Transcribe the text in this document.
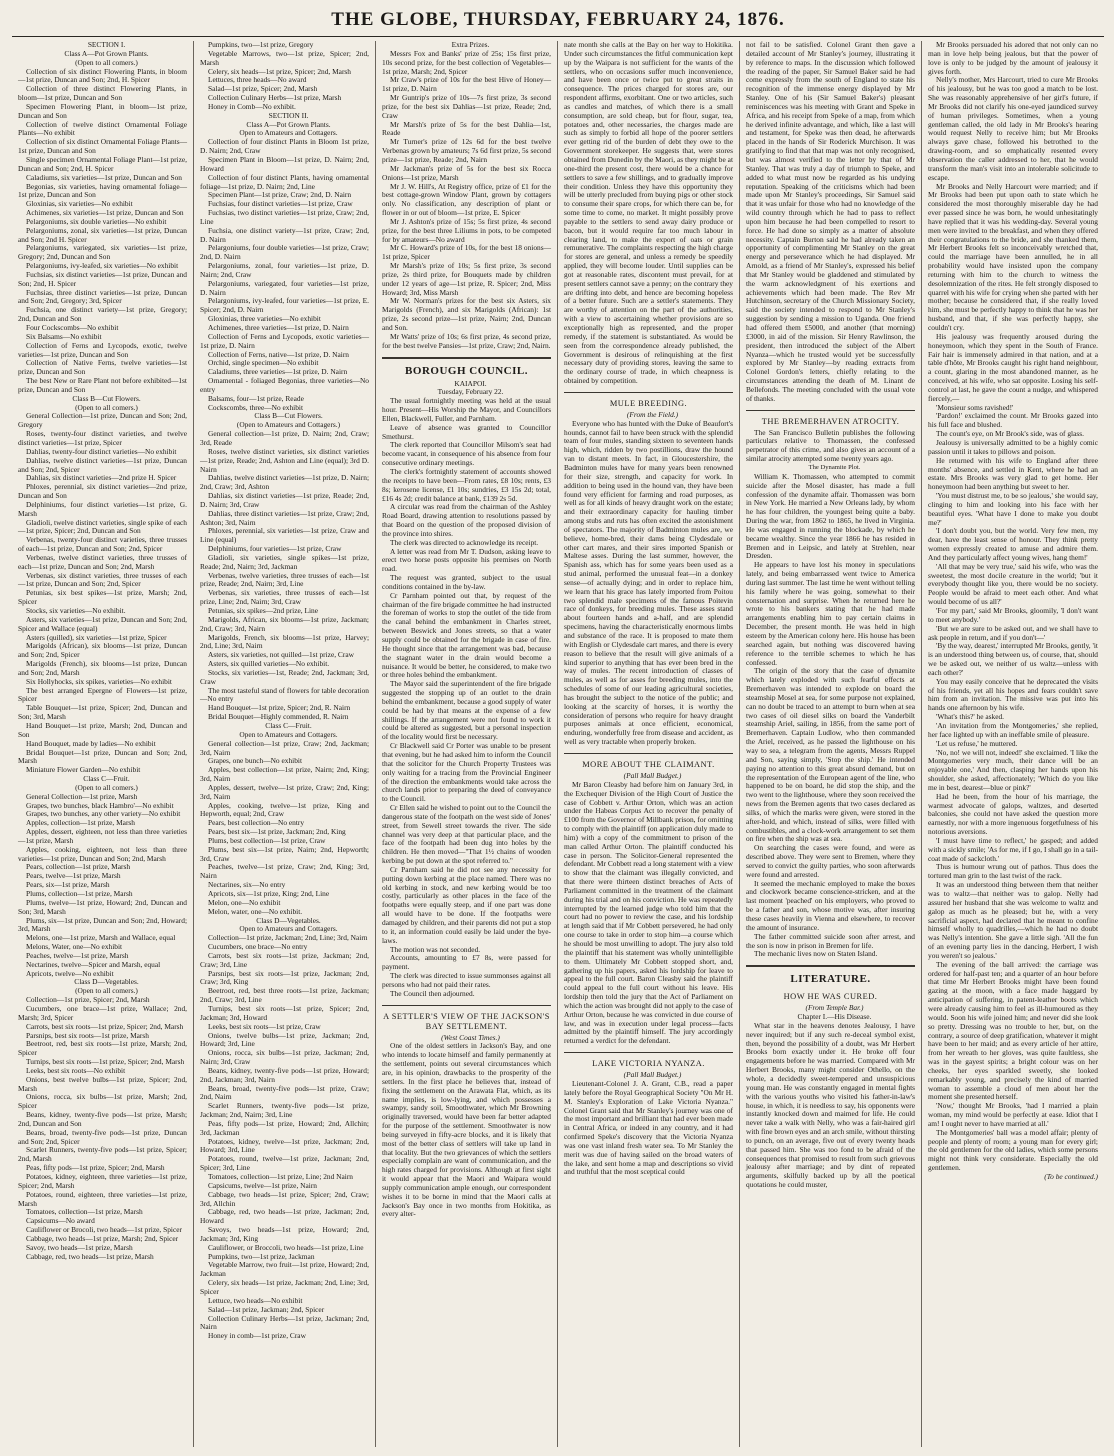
THE GLOBE, THURSDAY, FEBRUARY 24, 1876.

SECTION I.

Class A—Pot Grown Plants.

(Open to all comers.)

Collection of six distinct Flowering Plants, in bloom—1st prize, Duncan and Son; 2nd, H. Spicer

Collection of three distinct Flowering Plants, in bloom—1st prize, Duncan and Son

Specimen Flowering Plant, in bloom—1st prize, Duncan and Son

Collection of twelve distinct Ornamental Foliage Plants—No exhibit

Collection of six distinct Ornamental Foliage Plants—1st prize, Duncan and Son

Single specimen Ornamental Foliage Plant—1st prize, Duncan and Son; 2nd, H. Spicer

Caladiums, six varieties—1st prize, Duncan and Son

Begonias, six varieties, having ornamental foliage—1st prize, Duncan and Son

Gloxinias, six varieties—No exhibit

Achimenes, six varieties—1st prize, Duncan and Son

Pelargoniums, six double varieties—No exhibit

Pelargoniums, zonal, six varieties—1st prize, Duncan and Son; 2nd H. Spicer

Pelargoniums, variegated, six varieties—1st prize, Gregory; 2nd, Duncan and Son

Pelargoniums, ivy-leafed, six varieties—No exhibit

Fuchsias, six distinct varieties—1st prize, Duncan and Son; 2nd, H. Spicer

Fuchsias, three distinct varieties—1st prize, Duncan and Son; 2nd, Gregory; 3rd, Spicer

Fuchsia, one distinct variety—1st prize, Gregory; 2nd, Duncan and Son

Four Cockscombs—No exhibit

Six Balsams—No exhibit

Collection of Ferns and Lycopods, exotic, twelve varieties—1st prize, Duncan and Son

Collection of Native Ferns, twelve varieties—1st prize, Duncan and Son

The best New or Rare Plant not before exhibited—1st prize, Duncan and Son

Class B—Cut Flowers.

(Open to all comers.)

General Collection—1st prize, Duncan and Son; 2nd, Gregory

Roses, twenty-four distinct varieties, and twelve distinct varieties—1st prize, Spicer

Dahlias, twenty-four distinct varieties—No exhibit

Dahlias, twelve distinct varieties—1st prize, Duncan and Son; 2nd, Spicer

Dahlias, six distinct varieties—2nd prize H. Spicer

Phloxes, perennial, six distinct varieties—2nd prize, Duncan and Son

Delphiniums, four distinct varieties—1st prize, G. Marsh

Gladioli, twelve distinct varieties, single spike of each—1st prize, Spicer; 2nd, Duncan and Son

Verbenas, twenty-four distinct varieties, three trusses of each—1st prize, Duncan and Son; 2nd, Spicer

Verbenas, twelve distinct varieties, three trusses of each—1st prize, Duncan and Son; 2nd, Marsh

Verbenas, six distinct varieties, three trusses of each—1st prize, Duncan and Son; 2nd, Spicer

Petunias, six best spikes—1st prize, Marsh; 2nd, Spicer

Stocks, six varieties—No exhibit.

Asters, six varieties—1st prize, Duncan and Son; 2nd, Spicer and Wallace (equal)

Asters (quilled), six varieties—1st prize, Spicer

Marigolds (African), six blooms—1st prize, Duncan and Son; 2nd, Spicer

Marigolds (French), six blooms—1st prize, Duncan and Son; 2nd, Marsh

Six Hollyhocks, six spikes, varieties—No exhibit

The best arranged Epergne of Flowers—1st prize, Spicer

Table Bouquet—1st prize, Spicer; 2nd, Duncan and Son; 3rd, Marsh

Hand Bouquet—1st prize, Marsh; 2nd, Duncan and Son

Hand Bouquet, made by ladies—No exhibit

Bridal Bouquet—1st prize, Duncan and Son; 2nd, Marsh

Miniature Flower Garden—No exhibit

Class C—Fruit.

(Open to all comers.)

General Collection—1st prize, Marsh

Grapes, two bunches, black Hambro'—No exhibit

Grapes, two bunches, any other variety—No exhibit

Apples, collection—1st prize, Marsh

Apples, dessert, eighteen, not less than three varieties—1st prize, Marsh

Apples, cooking, eighteen, not less than three varieties—1st prize, Duncan and Son; 2nd, Marsh

Pears, collection—1st prize, Marsh

Pears, twelve—1st prize, Marsh

Pears, six—1st prize, Marsh

Plums, collection—1st prize, Marsh

Plums, twelve—1st prize, Howard; 2nd, Duncan and Son; 3rd, Marsh

Plums, six—1st prize, Duncan and Son; 2nd, Howard; 3rd, Marsh

Melons, one—1st prize, Marsh and Wallace, equal

Melons, Water, one—No exhibit

Peaches, twelve—1st prize, Marsh

Nectarines, twelve—Spicer and Marsh, equal

Apricots, twelve—No exhibit

Class D—Vegetables.

(Open to all comers.)

Collection—1st prize, Spicer; 2nd, Marsh

Cucumbers, one brace—1st prize, Wallace; 2nd, Marsh; 3rd, Spicer

Carrots, best six roots—1st prize, Spicer; 2nd, Marsh

Parsnips, best six roots—1st prize, Marsh

Beetroot, red, best six roots—1st prize, Marsh; 2nd, Spicer

Turnips, best six roots—1st prize, Spicer; 2nd, Marsh

Leeks, best six roots—No exhibit

Onions, best twelve bulbs—1st prize, Spicer; 2nd, Marsh

Onions, rocca, six bulbs—1st prize, Marsh; 2nd, Spicer

Beans, kidney, twenty-five pods—1st prize, Marsh; 2nd, Duncan and Son

Beans, broad, twenty-five pods—1st prize, Duncan and Son; 2nd, Spicer

Scarlet Runners, twenty-five pods—1st prize, Spicer; 2nd, Marsh

Peas, fifty pods—1st prize, Spicer; 2nd, Marsh

Potatoes, kidney, eighteen, three varieties—1st prize, Spicer; 2nd, Marsh

Potatoes, round, eighteen, three varieties—1st prize, Marsh

Tomatoes, collection—1st prize, Marsh

Capsicums—No award

Cauliflower or Brocoli, two heads—1st prize, Spicer

Cabbage, two heads—1st prize, Marsh; 2nd, Spicer

Savoy, two heads—1st prize, Marsh

Cabbage, red, two heads—1st prize, Marsh

Pumpkins, two—1st prize, Gregory

Vegetable Marrows, two—1st prize, Spicer; 2nd, Marsh

Celery, six heads—1st prize, Spicer; 2nd, Marsh

Lettuces, three heads—No award

Salad—1st prize, Spicer; 2nd, Marsh

Collection Culinary Herbs—1st prize, Marsh

Honey in Comb—No exhibit.

SECTION II.

Class A—Pot Grown Plants.

Open to Amateurs and Cottagers.

Collection of four distinct Plants in Bloom 1st prize, D. Nairn; 2nd, Craw

Specimen Plant in Bloom—1st prize, D. Nairn; 2nd, Howard

Collection of four distinct Plants, having ornamental foliage—1st prize, D. Nairn; 2nd, Line

Specimen Plant—1st prize, Craw; 2nd, D. Nairn

Fuchsias, four distinct varieties—1st prize, Craw

Fuchsias, two distinct varieties—1st prize, Craw; 2nd, Line

Fuchsia, one distinct variety—1st prize, Craw; 2nd, D. Nairn

Pelargoniums, four double varieties—1st prize, Craw; 2nd, D. Nairn

Pelargoniums, zonal, four varieties—1st prize, D. Nairn; 2nd, Craw

Pelargoniums, variegated, four varieties—1st prize, D. Nairn

Pelargoniums, ivy-leafed, four varieties—1st prize, E. Spicer; 2nd, D. Nairn

Gloxinias, three varieties—No exhibit

Achimenes, three varieties—1st prize, D. Nairn

Collection of Ferns and Lycopods, exotic varieties—1st prize, D. Nairn

Collection of Ferns, native—1st prize, D. Nairn

Orchid, single specimen—No exhibit

Caladiums, three varieties—1st prize, D. Nairn

Ornamental - foliaged Begonias, three varieties—No entry

Balsams, four—1st prize, Reade

Cockscombs, three—No exhibit

Class B—Cut Flowers.

(Open to Amateurs and Cottagers.)

General collection—1st prize, D. Nairn; 2nd, Craw; 3rd, Reade

Roses, twelve distinct varieties, six distinct varieties—1st prize, Reade; 2nd, Ashton and Line (equal); 3rd D. Nairn

Dahlias, twelve distinct varieties—1st prize, D. Nairn; 2nd, Craw; 3rd, Ashton

Dahlias, six distinct varieties—1st prize, Reade; 2nd, D. Nairn; 3rd, Craw

Dahlias, three distinct varieties—1st prize, Craw; 2nd, Ashton; 3rd, Nairn

Phloxes, perennial, six varieties—1st prize, Craw and Line (equal)

Delphiniums, four varieties—1st prize, Craw

Gladioli, six varieties, single spikes—1st prize, Reade; 2nd, Nairn; 3rd, Jackman

Verbenas, twelve varieties, three trusses of each—1st prize, Reade; 2nd, Nairn; 3rd, Line

Verbenas, six varieties, three trusses of each—1st prize, Line; 2nd, Nairn; 3rd, Craw

Petunias, six spikes—2nd prize, Line

Marigolds, African, six blooms—1st prize, Jackman; 2nd, Craw; 3rd, Nairn

Marigolds, French, six blooms—1st prize, Harvey; 2nd, Line; 3rd, Nairn

Asters, six varieties, not quilled—1st prize, Craw

Asters, six quilled varieties—No exhibit.

Stocks, six varieties—1st, Reade; 2nd, Jackman; 3rd, Craw

The most tasteful stand of flowers for table decoration—No entry

Hand Bouquet—1st prize, Spicer; 2nd, R. Nairn

Bridal Bouquet—Highly commended, R. Nairn

Class C—Fruit.

Open to Amateurs and Cottagers.

General collection—1st prize, Craw; 2nd, Jackman; 3rd, Nairn

Grapes, one bunch—No exhibit

Apples, best collection—1st prize, Nairn; 2nd, King; 3rd, Nairn

Apples, dessert, twelve—1st prize, Craw; 2nd, King; 3rd, Nairn

Apples, cooking, twelve—1st prize, King and Hepworth, equal; 2nd, Craw

Pears, best collection—No entry

Pears, best six—1st prize, Jackman; 2nd, King

Plums, best collection—1st prize, Craw

Plums, best six—1st prize, Nairn; 2nd, Hepworth; 3rd, Craw

Peaches, twelve—1st prize, Craw; 2nd, King; 3rd, Nairn

Nectarines, six—No entry

Apricots, six—1st prize, King; 2nd, Line

Melon, one—No exhibit

Melon, water, one—No exhibit.

Class D—Vegetables.

Open to Amateurs and Cottagers.

Collection—1st prize, Jackman; 2nd, Line; 3rd, Nairn

Cucumbers, one brace—No entry

Carrots, best six roots—1st prize, Jackman; 2nd, Craw; 3rd, Line

Parsnips, best six roots—1st prize, Jackman; 2nd, Craw; 3rd, King

Beetroot, red, best three roots—1st prize, Jackman; 2nd, Craw; 3rd, Line

Turnips, best six roots—1st prize, Spicer; 2nd, Jackman; 3rd, Howard

Leeks, best six roots—1st prize, Craw

Onions, twelve bulbs—1st prize, Jackman; 2nd, Howard; 3rd, Line

Onions, rocca, six bulbs—1st prize, Jackman; 2nd, Nairn; 3rd, Craw

Beans, kidney, twenty-five pods—1st prize, Howard; 2nd, Jackman; 3rd, Nairn

Beans, broad, twenty-five pods—1st prize, Craw; 2nd, Nairn

Scarlet Runners, twenty-five pods—1st prize, Jackman; 2nd, Nairn; 3rd, Line

Peas, fifty pods—1st prize, Howard; 2nd, Allchin; 3rd, Jackman

Potatoes, kidney, twelve—1st prize, Jackman; 2nd, Howard; 3rd, Line

Potatoes, round, twelve—1st prize, Jackman; 2nd, Spicer; 3rd, Line

Tomatoes, collection—1st prize, Line; 2nd Nairn

Capsicums, twelve—1st prize, Nairn

Cabbage, two heads—1st prize, Spicer; 2nd, Craw; 3rd, Allchin

Cabbage, red, two heads—1st prize, Jackman; 2nd, Howard

Savoys, two heads—1st prize, Howard; 2nd, Jackman; 3rd, King

Cauliflower, or Broccoli, two heads—1st prize, Line

Pumpkins, two—1st prize, Jackman

Vegetable Marrow, two fruit—1st prize, Howard; 2nd, Jackman

Celery, six heads—1st prize, Jackman; 2nd, Line; 3rd, Spicer

Lettuce, two heads—No exhibit

Salad—1st prize, Jackman; 2nd, Spicer

Collection Culinary Herbs—1st prize, Jackman; 2nd, Nairn

Honey in comb—1st prize, Craw

Extra Prizes.

Messrs Fox and Banks' prize of 25s; 15s first prize, 10s second prize, for the best collection of Vegetables—1st prize, Marsh; 2nd, Spicer

Mr Craw's prize of 10s for the best Hive of Honey—1st prize, D. Nairn

Mr Guntrip's prize of 10s—7s first prize, 3s second prize, for the best six Dahlias—1st prize, Reade; 2nd, Craw

Mr Marsh's prize of 5s for the best Dahlia—1st, Reade

Mr Turner's prize of 12s 6d for the best twelve Verbenas grown by amateurs; 7s 6d first prize, 5s second prize—1st prize, Reade; 2nd, Nairn

Mr Jackman's prize of 5s for the best six Rocca Onions—1st prize, Marsh

Mr J. W. Hill's, At Registry office, prize of £1 for the best cottage-grown Window Plant, grown by cottagers only. No classification, any description of plant or flower in or out of bloom—1st prize, E. Spicer

Mr J. Ashton's prize of 15s; 5s first prize, 4s second prize, for the best three Liliums in pots, to be competed for by amateurs—No award

Mr C. Howard's prize of 10s, for the best 18 onions—1st prize, Spicer

Mr Marsh's prize of 10s; 5s first prize, 3s second prize, 2s third prize, for Bouquets made by children under 12 years of age—1st prize, R. Spicer; 2nd, Miss Howard; 3rd, Miss Marsh

Mr W. Norman's prizes for the best six Asters, six Marigolds (French), and six Marigolds (African): 1st prize, 2s second prize—1st prize, Nairn; 2nd, Duncan and Son.

Mr Watts' prize of 10s; 6s first prize, 4s second prize, for the best twelve Pansies—1st prize, Craw; 2nd, Nairn.

BOROUGH COUNCIL.

KAIAPOI.

Tuesday, February 22.

The usual fortnightly meeting was held at the usual hour. Present—His Worship the Mayor, and Councillors Ellen, Blackwell, Fuller, and Parnham.

Leave of absence was granted to Councillor Smethurst.

The clerk reported that Councillor Milsom's seat had become vacant, in consequence of his absence from four consecutive ordinary meetings.

The clerk's fortnightly statement of accounts showed the receipts to have been—From rates, £8 10s; rents, £3 8s; kerosene license, £1 10s; sundries, £3 15s 2d; total, £16 4s 2d; credit balance at bank, £139 2s 5d.

A circular was read from the chairman of the Ashley Road Board, drawing attention to resolutions passed by that Board on the question of the proposed division of the province into shires.

The clerk was directed to acknowledge its receipt.

A letter was read from Mr T. Dudson, asking leave to erect two horse posts opposite his premises on North road.

The request was granted, subject to the usual conditions contained in the by-law.

Cr Parnham pointed out that, by request of the chairman of the fire brigade committee he had instructed the foreman of works to stop the outlet of the tide from the canal behind the embankment in Charles street, between Beswick and Jones streets, so that a water supply could be obtained for the brigade in case of fire. He thought since that the arrangement was bad, because the stagnant water in the drain would become a nuisance. It would be better, he considered, to make two or three holes behind the embankment.

The Mayor said the superintendent of the fire brigade suggested the stopping up of an outlet to the drain behind the embankment, because a good supply of water could be had by that means at the expense of a few shillings. If the arrangement were not found to work it could be altered as suggested, but a personal inspection of the locality would first be necessary.

Cr Blackwell said Cr Porter was unable to be present that evening, but he had asked him to inform the Council that the solicitor for the Church Property Trustees was only waiting for a tracing from the Provincial Engineer of the direction the embankments would take across the church lands prior to preparing the deed of conveyance to the Council.

Cr Ellen said he wished to point out to the Council the dangerous state of the footpath on the west side of Jones' street, from Sewell street towards the river. The side channel was very deep at that particular place, and the face of the footpath had been dug into holes by the children. He then moved—"That 1½ chains of wooden kerbing be put down at the spot referred to."

Cr Parnham said he did not see any necessity for putting down kerbing at the place named. There was no old kerbing in stock, and new kerbing would be too costly, particularly as other places in the face of the footpaths were equally steep, and if one part was done all would have to be done. If the footpaths were damaged by children, and their parents did not put a stop to it, an information could easily be laid under the bye-laws.

The motion was not seconded.

Accounts, amounting to £7 8s, were passed for payment.

The clerk was directed to issue summonses against all persons who had not paid their rates.

The Council then adjourned.

A SETTLER'S VIEW OF THE JACKSON'S BAY SETTLEMENT.

(West Coast Times.)

One of the oldest settlers in Jackson's Bay, and one who intends to locate himself and family permanently at the settlement, points out several circumstances which are, in his opinion, drawbacks to the prosperity of the settlers. In the first place he believes that, instead of fixing the settlement on the Arawata Flat, which, as its name implies, is low-lying, and which possesses a swampy, sandy soil, Smoothwater, which Mr Browning originally traversed, would have been far better adapted for the purpose of the settlement. Smoothwater is now being surveyed in fifty-acre blocks, and it is likely that most of the better class of settlers will take up land in that locality. But the two grievances of which the settlers especially complain are want of communication, and the high rates charged for provisions. Although at first sight it would appear that the Maori and Waipara would supply communication ample enough, our correspondent wishes it to be borne in mind that the Maori calls at Jackson's Bay once in two months from Hokitika, as every alter-

nate month she calls at the Bay on her way to Hokitika. Under such circumstances the fitful communication kept up by the Waipara is not sufficient for the wants of the settlers, who on occasions suffer much inconvenience, and have been once or twice put to great straits in consequence. The prices charged for stores are, our respondent affirms, exorbitant. One or two articles, such as candles and matches, of which there is a small consumption, are sold cheap, but for flour, sugar, tea, potatoes and, other necessaries, the charges made are such as simply to forbid all hope of the poorer settlers ever getting rid of the burden of debt they owe to the Government storekeeper. He suggests that, were stores obtained from Dunedin by the Maori, as they might be at one-third the present cost, there would be a chance for settlers to save a few shillings, and to gradually improve their condition. Unless they have this opportunity they will be utterly precluded from buying pigs or other stock to consume their spare crops, for which there can be, for some time to come, no market. It might possibly prove payable to the settlers to send away dairy produce or bacon, but it would require far too much labour in clearing land, to make the export of oats or grain remunerative. The complaints respecting the high charge for stores are general, and unless a remedy be speedily applied, they will become louder. Until supplies can be got at reasonable rates, discontent must prevail, for at present settlers cannot save a penny; on the contrary they are drifting into debt, and hence are becoming hopeless of a better future. Such are a settler's statements. They are worthy of attention on the part of the authorities, with a view to ascertaining whether provisions are so exceptionally high as represented, and the proper remedy, if the statement is substantiated. As would be seen from the correspondence already published, the Government is desirous of relinquishing at the first necessary duty of providing stores, leaving the same to the ordinary course of trade, in which cheapness is obtained by competition.

MULE BREEDING.

(From the Field.)

Everyone who has hunted with the Duke of Beaufort's hounds, cannot fail to have been struck with the splendid team of four mules, standing sixteen to seventeen hands high, which, ridden by two postillions, draw the hound van to distant meets. In fact, in Gloucestershire, the Badminton mules have for many years been renowned for their size, strength, and capacity for work. In addition to being used in the hound van, they have been found very efficient for farming and road purposes, as well as for all kinds of heavy draught work on the estate; and their extraordinary capacity for hauling timber among stubs and ruts has often excited the astonishment of spectators. The majority of Badminton mules are, we believe, home-bred, their dams being Clydesdale or other cart mares, and their sires imported Spanish or Maltese asses. During the last summer, however, the Spanish ass, which has for some years been used as a stud animal, performed the unusual feat—in a donkey sense—of actually dying; and in order to replace him, we learn that his grace has lately imported from Poitou two splendid male specimens of the famous Poitevin race of donkeys, for breeding mules. These asses stand about fourteen hands and a-half, and are splendid specimens, having the characteristically enormous limbs and substance of the race. It is proposed to mate them with English or Clydesdale cart mares, and there is every reason to believe that the result will give animals of a kind superior to anything that has ever been bred in the way of mules. The recent introduction of classes of mules, as well as for asses for breeding mules, into the schedules of some of our leading agricultural societies, has brought the subject to the notice of the public; and looking at the scarcity of horses, it is worthy the consideration of persons who require for heavy draught purposes animals at once efficient, economical, enduring, wonderfully free from disease and accident, as well as very tractable when properly broken.

MORE ABOUT THE CLAIMANT.

(Pall Mall Budget.)

Mr Baron Cleasby had before him on January 3rd, in the Exchequer Division of the High Court of Justice the case of Cobbett v. Arthur Orton, which was an action under the Habeas Corpus Act to recover the penalty of £100 from the Governor of Millbank prison, for omitting to comply with the plaintiff (on application duly made to him) with a copy of the commitment to prison of the man called Arthur Orton. The plaintiff conducted his case in person. The Solicitor-General represented the defendant. Mr Cobbett read a long statement with a view to show that the claimant was illegally convicted, and that there were thirteen distinct breaches of Acts of Parliament committed in the treatment of the claimant during his trial and on his conviction. He was repeatedly interrupted by the learned judge who told him that the court had no power to review the case, and his lordship at length said that if Mr Cobbett persevered, he had only one course to take in order to stop him—a course which he should be most unwilling to adopt. The jury also told the plaintiff that his statement was wholly unintelligible to them. Ultimately Mr Cobbett stopped short, and, gathering up his papers, asked his lordship for leave to appeal to the full court. Baron Cleasby said the plaintiff could appeal to the full court without his leave. His lordship then told the jury that the Act of Parliament on which the action was brought did not apply to the case of Arthur Orton, because he was convicted in due course of law, and was in execution under legal process—facts admitted by the plaintiff himself. The jury accordingly returned a verdict for the defendant.

LAKE VICTORIA NYANZA.

(Pall Mall Budget.)

Lieutenant-Colonel J. A. Grant, C.B., read a paper lately before the Royal Geographical Society "On Mr H. M. Stanley's Exploration of Lake Victoria Nyanza." Colonel Grant said that Mr Stanley's journey was one of the most important and brilliant that had ever been made in Central Africa, or indeed in any country, and it had confirmed Speke's discovery that the Victoria Nyanza was one vast inland fresh water sea. To Mr Stanley the merit was due of having sailed on the broad waters of the lake, and sent home a map and descriptions so vivid and truthful that the most sceptical could

not fail to be satisfied. Colonel Grant then gave a detailed account of Mr Stanley's journey, illustrating it by reference to maps. In the discussion which followed the reading of the paper, Sir Samuel Baker said he had come expressly from the south of England to state his recognition of the immense energy displayed by Mr Stanley. One of his (Sir Samuel Baker's) pleasant reminiscences was his meeting with Grant and Speke in Africa, and his receipt from Speke of a map, from which he derived infinite advantage, and which, like a last will and testament, for Speke was then dead, he afterwards placed in the hands of Sir Roderick Murchison. It was gratifying to find that that map was not only recognised, but was almost verified to the letter by that of Mr Stanley. That was truly a day of triumph to Speke, and added to what must now be regarded as his undying reputation. Speaking of the criticisms which had been made upon Mr Stanley's proceedings, Sir Samuel said that it was unfair for those who had no knowledge of the wild country through which he had to pass to reflect upon him because he had been compelled to resort to force. He had done so simply as a matter of absolute necessity. Captain Burton said he had already taken an opportunity of complimenting Mr Stanley on the great energy and perseverance which he had displayed. Mr Arnold, as a friend of Mr Stanley's, expressed his belief that Mr Stanley would be gladdened and stimulated by the warm acknowledgment of his exertions and achievements which had been made. The Rev Mr Hutchinson, secretary of the Church Missionary Society, said the society intended to respond to Mr Stanley's suggestion by sending a mission to Uganda. One friend had offered them £5000, and another (that morning) £3000, in aid of the mission. Sir Henry Rawlinson, the president, then introduced the subject of the Albert Nyanza—which he trusted would yet be successfully explored by Mr Stanley—by reading extracts from Colonel Gordon's letters, chiefly relating to the circumstances attending the death of M. Linant de Bellefonds. The meeting concluded with the usual vote of thanks.

THE BREMERHAVEN ATROCITY.

The San Francisco Bulletin publishes the following particulars relative to Thomassen, the confessed perpetrator of this crime, and also gives an account of a similar atrocity attempted some twenty years ago.

The Dynamite Plot.

William K. Thomassen, who attempted to commit suicide after the Mosel disaster, has made a full confession of the dynamite affair. Thomassen was born in New York. He married a New Orleans lady, by whom he has four children, the youngest being quite a baby. During the war, from 1862 to 1865, he lived in Virginia. He was engaged in running the blockade, by which he became wealthy. Since the year 1866 he has resided in Bremen and in Leipsic, and lately at Strehlen, near Dresden.

He appears to have lost his money in speculations lately, and being embarrassed went twice to America during last summer. The last time he went without telling his family where he was going, somewhat to their consternation and surprise. When he returned here he wrote to his bankers stating that he had made arrangements enabling him to pay certain claims in December, the present month. He was held in high esteem by the American colony here. His house has been searched again, but nothing was discovered having reference to the terrible schemes to which he has confessed.

The origin of the story that the case of dynamite which lately exploded with such fearful effects at Bremerhaven was intended to explode on board the steamship Mosel at sea, for some purpose not explained, can no doubt be traced to an attempt to burn when at sea two cases of oil diesel silks on board the Vanderbilt steamship Ariel, sailing, in 1856, from the same port of Bremerhaven. Captain Ludlow, who then commanded the Ariel, received, as he passed the lighthouse on his way to sea, a telegram from the agents, Messrs Ruppel and Son, saying simply, 'Stop the ship.' He intended paying no attention to this great absurd demand, but on the representation of the European agent of the line, who happened to be on board, he did stop the ship, and the two went to the lighthouse, where they soon received the news from the Bremen agents that two cases declared as silks, of which the marks were given, were stored in the after-hold, and which, instead of silks, were filled with combustibles, and a clock-work arrangement to set them on fire when the ship was at sea.

On searching the cases were found, and were as described above. They were sent to Bremen, where they served to convict the guilty parties, who soon afterwards were found and arrested.

It seemed the mechanic employed to make the boxes and clockwork became conscience-stricken, and at the last moment 'peached' on his employers, who proved to be a father and son, whose motive was, after insuring these cases heavily in Vienna and elsewhere, to recover the amount of insurance.

The father committed suicide soon after arrest, and the son is now in prison in Bremen for life.

The mechanic lives now on Staten Island.

LITERATURE.
HOW HE WAS CURED.

(From Temple Bar.)

Chapter I.—His Disease.

What star in the heavens denotes Jealousy, I have never inquired; but if any such re-deceal symbol exist, then, beyond the possibility of a doubt, was Mr Herbert Brooks born exactly under it. He broke off four engagements before he was married. Compared with Mr Herbert Brooks, many might consider Othello, on the whole, a decidedly sweet-tempered and unsuspicious young man. He was constantly engaged in mental fights with the various youths who visited his father-in-law's house, in which, it is needless to say, his opponents were instantly knocked down and maimed for life. He could never take a walk with Nelly, who was a fair-haired girl with fine brown eyes and an arch smile, without thirsting to punch, on an average, five out of every twenty heads that passed him. She was too fond to be afraid of the consequences that promised to result from such grievous jealousy after marriage; and by dint of repeated arguments, skilfully backed up by all the poetical quotations he could muster,

Mr Brooks persuaded his adored that not only can no man in love help being jealous, but that the power of love is only to be judged by the amount of jealousy it gives forth.

Nelly's mother, Mrs Harcourt, tried to cure Mr Brooks of his jealousy, but he was too good a match to be lost. She was reasonably apprehensive of her girl's future, if Mr Brooks did not clarify his one-eyed jaundiced survey of human privileges. Sometimes, when a young gentleman called, the old lady in Mr Brooks's hearing would request Nelly to receive him; but Mr Brooks always gave chase, followed his betrothed to the drawing-room, and so emphatically resented every observation the caller addressed to her, that he would transform the man's visit into an intolerable solicitude to escape.

Mr Brooks and Nelly Harcourt were married; and if Mr Brooks had been put upon oath to state which he considered the most thoroughly miserable day he had ever passed since he was born, he would unhesitatingly have replied that it was his wedding-day. Several young men were invited to the breakfast, and when they offered their congratulations to the bride, and she thanked them, Mr Herbert Brooks felt so inconceivably wretched that, could the marriage have been annulled, he in all probability would have insisted upon the company returning with him to the church to witness the desolemnization of the rites. He felt strongly disposed to quarrel with his wife for crying when she parted with her mother; because he considered that, if she really loved him, she must be perfectly happy to think that he was her husband, and that, if she was perfectly happy, she couldn't cry.

His jealousy was frequently aroused during the honeymoon, which they spent in the South of France. Fair hair is immensely admired in that nation, and at a table d'hôte, Mr Brooks caught his right hand neighbour, a count, glaring in the most abandoned manner, as he conceived, at his wife, who sat opposite. Losing his self-control at last, he gave the count a nudge, and whispered fiercely,—

'Monsieur soms ravished!'

'Pardon!' exclaimed the count. Mr Brooks gazed into his full face and blushed.

The count's eye, on Mr Brook's side, was of glass.

Jealousy is universally admitted to be a highly comic passion until it takes to pillows and poison.

He returned with his wife to England after three months' absence, and settled in Kent, where he had an estate. Mrs Brooks was very glad to get home. Her honeymoon had been anything but sweet to her.

'You must distrust me, to be so jealous,' she would say, clinging to him and looking into his face with her beautiful eyes. 'What have I done to make you doubt me?'

'I don't doubt you, but the world. Very few men, my dear, have the least sense of honour. They think pretty women expressly created to amuse and admire them. And they particularly affect young wives, hang them!'

'All that may be very true,' said his wife, who was the sweetest, the most docile creature in the world; 'but it everybody thought like you, there would be no society. People would be afraid to meet each other. And what would become of us all?'

'For my part,' said Mr Brooks, gloomily, 'I don't want to meet anybody.'

'But we are sure to be asked out, and we shall have to ask people in return, and if you don't—'

'By the way, dearest,' interrupted Mr Brooks, gently, 'it is an understood thing between us, of course, that, should we be asked out, we neither of us waltz—unless with each other?'

You may easily conceive that he deprecated the visits of his friends, yet all his hopes and fears couldn't save him from an invitation. The missive was put into his hands one afternoon by his wife.

'What's this?' he asked.

'An invitation from the Montgomeries,' she replied, her face lighted up with an ineffable smile of pleasure.

'Let us refuse,' he muttered.

'No, no! we will not, indeed!' she exclaimed. 'I like the Montgomeries very much, their dance will be an enjoyable one,' And then, clasping her hands upon his shoulder, she asked, affectionately; 'Which do you like me in best, dearest—blue or pink?'

Had he been, from the hour of his marriage, the warmest advocate of galops, waltzes, and deserted balconies, she could not have asked the question more earnestly, nor with a more ingenuous forgetfulness of his notorious aversions.

'I must have time to reflect,' he gasped; and added with a sickly smile; 'As for me, if I go, I shall go in a tail-coat made of sackcloth.'

Thus is humour wrung out of pathos. Thus does the tortured man grin to the last twist of the rack.

It was an understood thing between them that neither was to waltz—that neither was to galop. Nelly had assured her husband that she was welcome to waltz and galop as much as he pleased; but he, with a very sacrificial aspect, had declared that he meant to confine himself wholly to quadrilles,—which he had no doubt was Nelly's intention. She gave a little sigh. 'All the fun of an evening party lies in the dancing, Herbert, I wish you weren't so jealous.'

The evening of the ball arrived: the carriage was ordered for half-past ten; and a quarter of an hour before that time Mr Herbert Brooks might have been found gazing at the moon, with a face made haggard by anticipation of suffering, in patent-leather boots which were already causing him to feel as ill-humoured as they would. Soon his wife joined him; and never did she look so pretty. Dressing was no trouble to her, but, on the contrary, a source of deep gratification, whatever it might have been to her maid; and as every article of her attire, from her wreath to her gloves, was quite faultless, she was in the gayest spirits; a bright colour was on her cheeks, her eyes sparkled sweetly, she looked remarkably young, and precisely the kind of married woman to assemble a cloud of men about her the moment she presented herself.

'Now,' thought Mr Brooks, 'had I married a plain woman, my mind would be perfectly at ease. Idiot that I am! I ought never to have married at all.'

The Montgomeries' ball was a model affair; plenty of people and plenty of room; a young man for every girl; the old gentlemen for the old ladies, which some persons might not think very considerate. Especially the old gentlemen.

(To be continued.)
